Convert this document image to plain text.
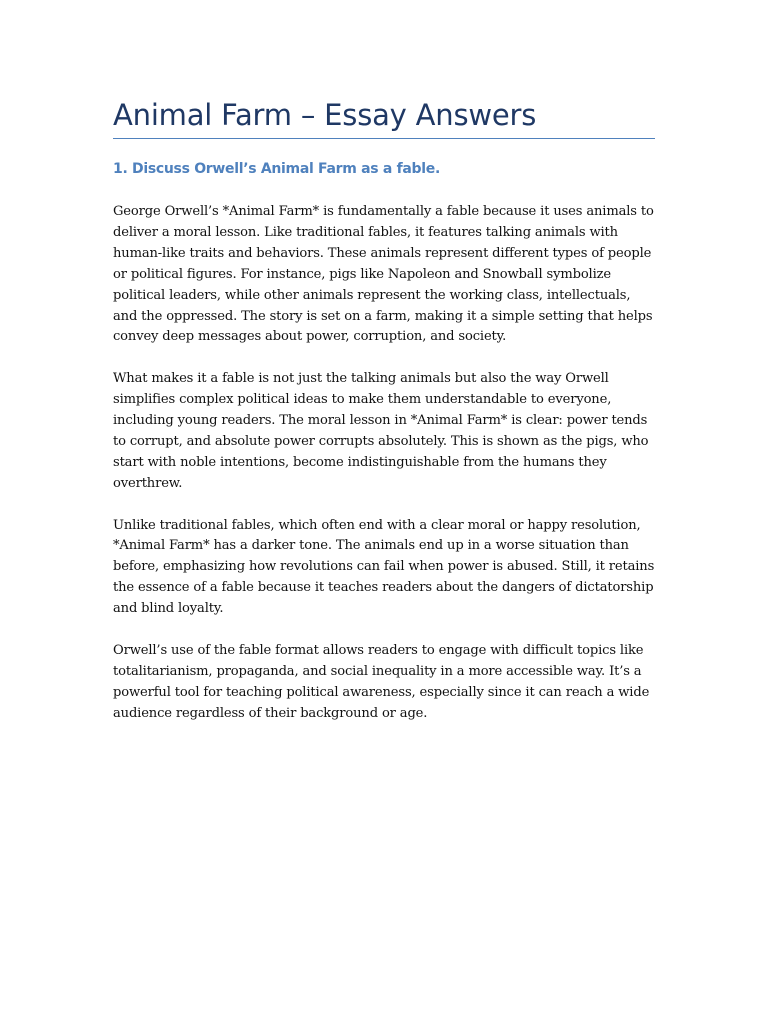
Animal Farm – Essay Answers
1. Discuss Orwell’s Animal Farm as a fable.

George Orwell’s *Animal Farm* is fundamentally a fable because it uses animals to deliver a moral lesson. Like traditional fables, it features talking animals with human-like traits and behaviors. These animals represent different types of people or political figures. For instance, pigs like Napoleon and Snowball symbolize political leaders, while other animals represent the working class, intellectuals, and the oppressed. The story is set on a farm, making it a simple setting that helps convey deep messages about power, corruption, and society.

What makes it a fable is not just the talking animals but also the way Orwell simplifies complex political ideas to make them understandable to everyone, including young readers. The moral lesson in *Animal Farm* is clear: power tends to corrupt, and absolute power corrupts absolutely. This is shown as the pigs, who start with noble intentions, become indistinguishable from the humans they overthrew.

Unlike traditional fables, which often end with a clear moral or happy resolution, *Animal Farm* has a darker tone. The animals end up in a worse situation than before, emphasizing how revolutions can fail when power is abused. Still, it retains the essence of a fable because it teaches readers about the dangers of dictatorship and blind loyalty.

Orwell’s use of the fable format allows readers to engage with difficult topics like totalitarianism, propaganda, and social inequality in a more accessible way. It’s a powerful tool for teaching political awareness, especially since it can reach a wide audience regardless of their background or age.
